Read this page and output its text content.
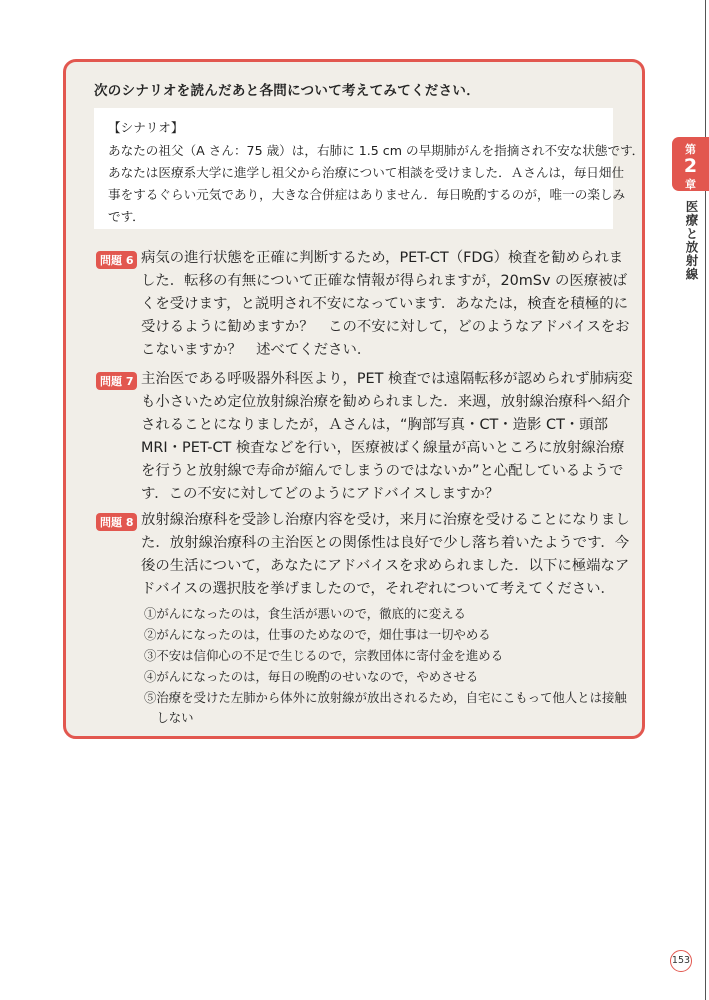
次のシナリオを読んだあと各問について考えてみてください．
【シナリオ】
あなたの祖父（A さん：75 歳）は，右肺に 1.5 cm の早期肺がんを指摘され不安な状態です．
あなたは医療系大学に進学し祖父から治療について相談を受けました．Ａさんは，毎日畑仕
事をするぐらい元気であり，大きな合併症はありません．毎日晩酌するのが，唯一の楽しみ
です．
問題 6 病気の進行状態を正確に判断するため，PET-CT（FDG）検査を勧められま
した．転移の有無について正確な情報が得られますが，20mSv の医療被ば
くを受けます，と説明され不安になっています．あなたは，検査を積極的に
受けるように勧めますか？　この不安に対して，どのようなアドバイスをお
こないますか？　述べてください．
問題 7 主治医である呼吸器外科医より，PET 検査では遠隔転移が認められず肺病変
も小さいため定位放射線治療を勧められました．来週，放射線治療科へ紹介
されることになりましたが，Ａさんは，“胸部写真・CT・造影 CT・頭部
MRI・PET-CT 検査などを行い，医療被ばく線量が高いところに放射線治療
を行うと放射線で寿命が縮んでしまうのではないか”と心配しているようで
す．この不安に対してどのようにアドバイスしますか？
問題 8 放射線治療科を受診し治療内容を受け，来月に治療を受けることになりまし
た．放射線治療科の主治医との関係性は良好で少し落ち着いたようです．今
後の生活について，あなたにアドバイスを求められました．以下に極端なア
ドバイスの選択肢を挙げましたので，それぞれについて考えてください．
①がんになったのは，食生活が悪いので，徹底的に変える
②がんになったのは，仕事のためなので，畑仕事は一切やめる
③不安は信仰心の不足で生じるので，宗教団体に寄付金を進める
④がんになったのは，毎日の晩酌のせいなので，やめさせる
⑤治療を受けた左肺から体外に放射線が放出されるため，自宅にこもって他人とは接触
　しない
第
2
章
医療と放射線
153
